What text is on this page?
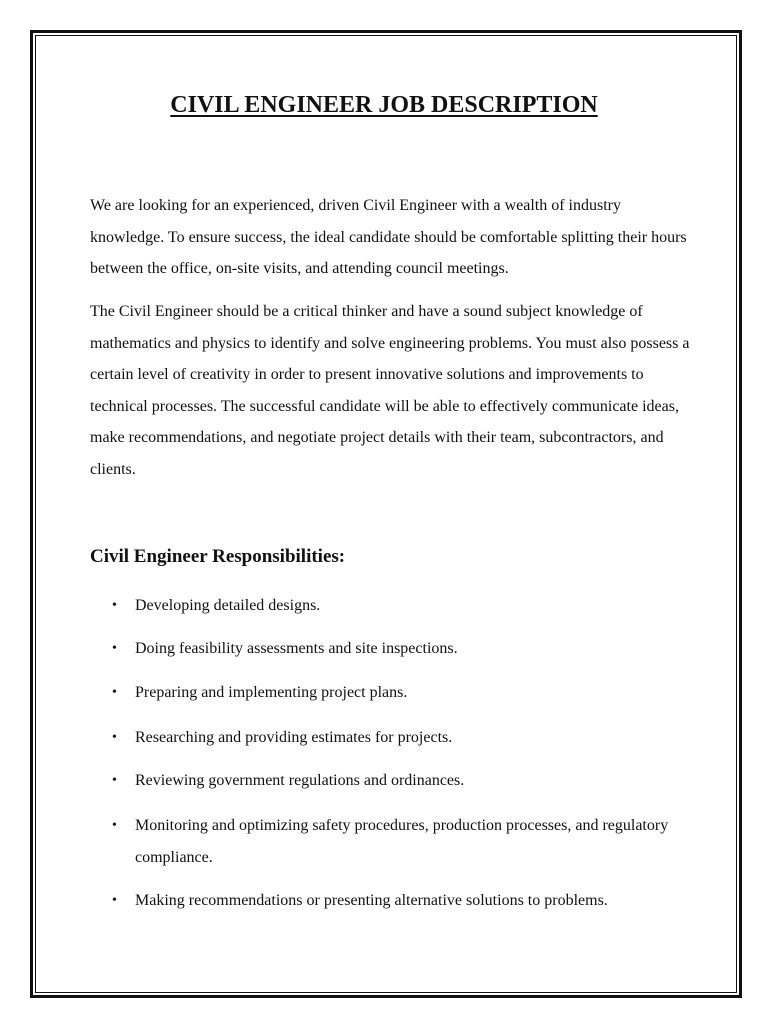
CIVIL ENGINEER JOB DESCRIPTION

We are looking for an experienced, driven Civil Engineer with a wealth of industry knowledge. To ensure success, the ideal candidate should be comfortable splitting their hours between the office, on-site visits, and attending council meetings.

The Civil Engineer should be a critical thinker and have a sound subject knowledge of mathematics and physics to identify and solve engineering problems. You must also possess a certain level of creativity in order to present innovative solutions and improvements to technical processes. The successful candidate will be able to effectively communicate ideas, make recommendations, and negotiate project details with their team, subcontractors, and clients.

Civil Engineer Responsibilities:
• Developing detailed designs.
• Doing feasibility assessments and site inspections.
• Preparing and implementing project plans.
• Researching and providing estimates for projects.
• Reviewing government regulations and ordinances.
• Monitoring and optimizing safety procedures, production processes, and regulatory compliance.
• Making recommendations or presenting alternative solutions to problems.
